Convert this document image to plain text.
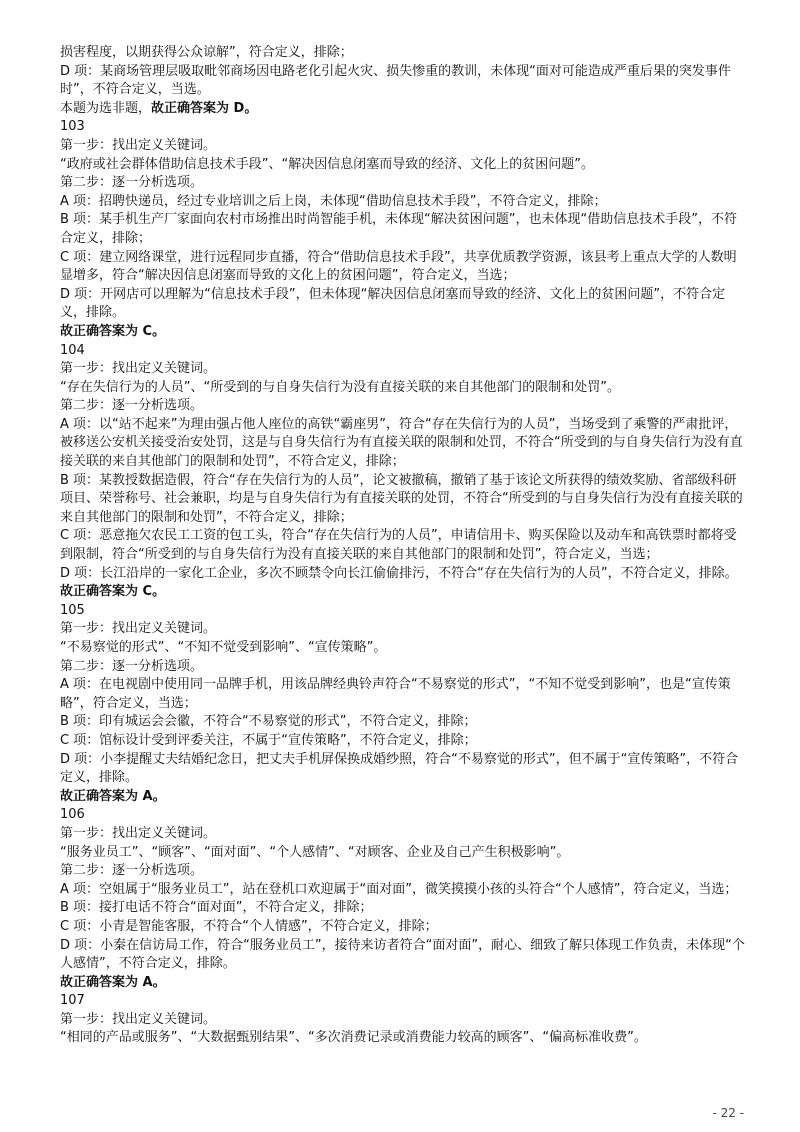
损害程度，以期获得公众谅解”，符合定义，排除；
D 项：某商场管理层吸取毗邻商场因电路老化引起火灾、损失惨重的教训，未体现“面对可能造成严重后果的突发事件时”，不符合定义，当选。
本题为选非题，故正确答案为 D。
103
第一步：找出定义关键词。
“政府或社会群体借助信息技术手段”、“解决因信息闭塞而导致的经济、文化上的贫困问题”。
第二步：逐一分析选项。
A 项：招聘快递员，经过专业培训之后上岗，未体现“借助信息技术手段”，不符合定义，排除；
B 项：某手机生产厂家面向农村市场推出时尚智能手机，未体现“解决贫困问题”，也未体现“借助信息技术手段”，不符合定义，排除；
C 项：建立网络课堂，进行远程同步直播，符合“借助信息技术手段”，共享优质教学资源，该县考上重点大学的人数明显增多，符合“解决因信息闭塞而导致的文化上的贫困问题”，符合定义，当选；
D 项：开网店可以理解为“信息技术手段”，但未体现“解决因信息闭塞而导致的经济、文化上的贫困问题”，不符合定义，排除。
故正确答案为 C。
104
第一步：找出定义关键词。
“存在失信行为的人员”、“所受到的与自身失信行为没有直接关联的来自其他部门的限制和处罚”。
第二步：逐一分析选项。
A 项：以“站不起来”为理由强占他人座位的高铁“霸座男”，符合“存在失信行为的人员”，当场受到了乘警的严肃批评，被移送公安机关接受治安处罚，这是与自身失信行为有直接关联的限制和处罚，不符合“所受到的与自身失信行为没有直接关联的来自其他部门的限制和处罚”，不符合定义，排除；
B 项：某教授数据造假，符合“存在失信行为的人员”，论文被撤稿，撤销了基于该论文所获得的绩效奖励、省部级科研项目、荣誉称号、社会兼职，均是与自身失信行为有直接关联的处罚，不符合“所受到的与自身失信行为没有直接关联的来自其他部门的限制和处罚”，不符合定义，排除；
C 项：恶意拖欠农民工工资的包工头，符合“存在失信行为的人员”，申请信用卡、购买保险以及动车和高铁票时都将受到限制，符合“所受到的与自身失信行为没有直接关联的来自其他部门的限制和处罚”，符合定义，当选；
D 项：长江沿岸的一家化工企业，多次不顾禁令向长江偷偷排污，不符合“存在失信行为的人员”，不符合定义，排除。
故正确答案为 C。
105
第一步：找出定义关键词。
“不易察觉的形式”、“不知不觉受到影响”、“宣传策略”。
第二步：逐一分析选项。
A 项：在电视剧中使用同一品牌手机，用该品牌经典铃声符合“不易察觉的形式”，“不知不觉受到影响”，也是“宣传策略”，符合定义，当选；
B 项：印有城运会会徽，不符合“不易察觉的形式”，不符合定义，排除；
C 项：馆标设计受到评委关注，不属于“宣传策略”，不符合定义，排除；
D 项：小李提醒丈夫结婚纪念日，把丈夫手机屏保换成婚纱照，符合“不易察觉的形式”，但不属于“宣传策略”，不符合定义，排除。
故正确答案为 A。
106
第一步：找出定义关键词。
“服务业员工”、“顾客”、“面对面”、“个人感情”、“对顾客、企业及自己产生积极影响”。
第二步：逐一分析选项。
A 项：空姐属于“服务业员工”，站在登机口欢迎属于“面对面”，微笑摸摸小孩的头符合“个人感情”，符合定义，当选；
B 项：接打电话不符合“面对面”，不符合定义，排除；
C 项：小青是智能客服，不符合“个人情感”，不符合定义，排除；
D 项：小秦在信访局工作，符合“服务业员工”，接待来访者符合“面对面”，耐心、细致了解只体现工作负责，未体现“个人感情”，不符合定义，排除。
故正确答案为 A。
107
第一步：找出定义关键词。
“相同的产品或服务”、“大数据甄别结果”、“多次消费记录或消费能力较高的顾客”、“偏高标准收费”。
- 22 -
